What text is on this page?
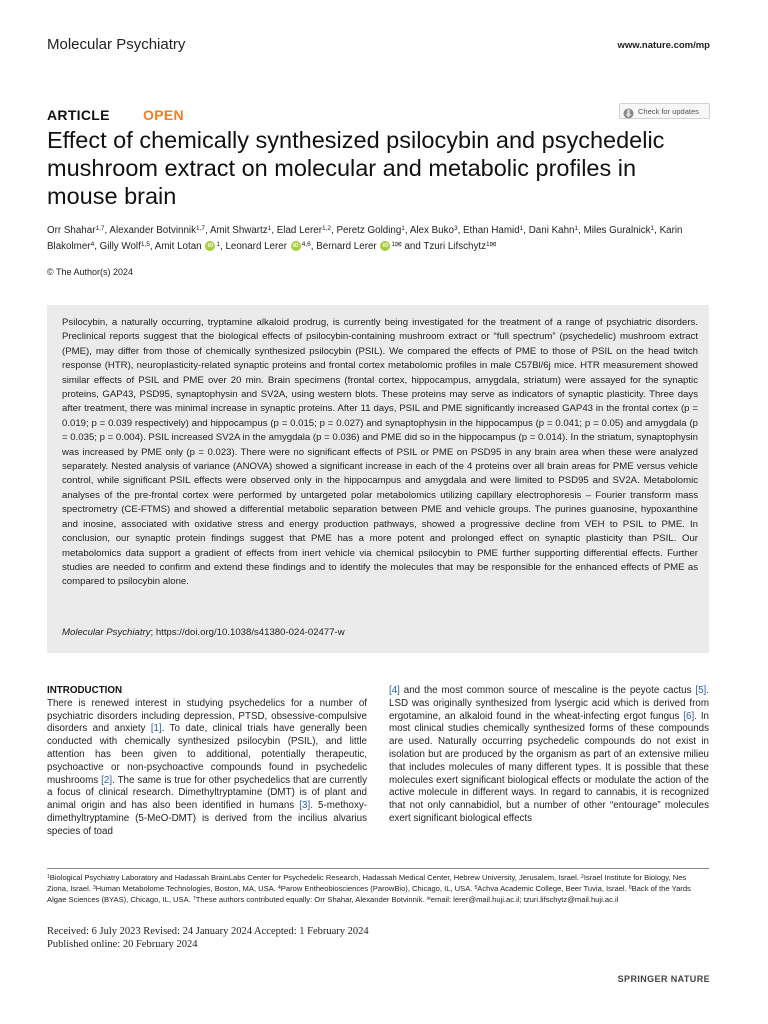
Molecular Psychiatry	www.nature.com/mp
ARTICLE OPEN	Check for updates
Effect of chemically synthesized psilocybin and psychedelic mushroom extract on molecular and metabolic profiles in mouse brain
Orr Shahar$^{1,7}$, Alexander Botvinnik$^{1,7}$, Amit Shwartz$^1$, Elad Lerer$^{1,2}$, Peretz Golding$^1$, Alex Buko$^3$, Ethan Hamid$^1$, Dani Kahn$^1$, Miles Guralnick$^1$, Karin Blakolmer$^4$, Gilly Wolf$^{1,5}$, Amit Lotan iD $^1$, Leonard Lerer iD $^{4,6}$, Bernard Lerer iD $^{1✉}$ and Tzuri Lifschytz$^{1✉}$
© The Author(s) 2024

Psilocybin, a naturally occurring, tryptamine alkaloid prodrug, is currently being investigated for the treatment of a range of psychiatric disorders. Preclinical reports suggest that the biological effects of psilocybin-containing mushroom extract or “full spectrum” (psychedelic) mushroom extract (PME), may differ from those of chemically synthesized psilocybin (PSIL). We compared the effects of PME to those of PSIL on the head twitch response (HTR), neuroplasticity-related synaptic proteins and frontal cortex metabolomic profiles in male C57Bl/6j mice. HTR measurement showed similar effects of PSIL and PME over 20 min. Brain specimens (frontal cortex, hippocampus, amygdala, striatum) were assayed for the synaptic proteins, GAP43, PSD95, synaptophysin and SV2A, using western blots. These proteins may serve as indicators of synaptic plasticity. Three days after treatment, there was minimal increase in synaptic proteins. After 11 days, PSIL and PME significantly increased GAP43 in the frontal cortex (p = 0.019; p = 0.039 respectively) and hippocampus (p = 0.015; p = 0.027) and synaptophysin in the hippocampus (p = 0.041; p = 0.05) and amygdala (p = 0.035; p = 0.004). PSIL increased SV2A in the amygdala (p = 0.036) and PME did so in the hippocampus (p = 0.014). In the striatum, synaptophysin was increased by PME only (p = 0.023). There were no significant effects of PSIL or PME on PSD95 in any brain area when these were analyzed separately. Nested analysis of variance (ANOVA) showed a significant increase in each of the 4 proteins over all brain areas for PME versus vehicle control, while significant PSIL effects were observed only in the hippocampus and amygdala and were limited to PSD95 and SV2A. Metabolomic analyses of the pre-frontal cortex were performed by untargeted polar metabolomics utilizing capillary electrophoresis – Fourier transform mass spectrometry (CE-FTMS) and showed a differential metabolic separation between PME and vehicle groups. The purines guanosine, hypoxanthine and inosine, associated with oxidative stress and energy production pathways, showed a progressive decline from VEH to PSIL to PME. In conclusion, our synaptic protein findings suggest that PME has a more potent and prolonged effect on synaptic plasticity than PSIL. Our metabolomics data support a gradient of effects from inert vehicle via chemical psilocybin to PME further supporting differential effects. Further studies are needed to confirm and extend these findings and to identify the molecules that may be responsible for the enhanced effects of PME as compared to psilocybin alone.

Molecular Psychiatry; https://doi.org/10.1038/s41380-024-02477-w
INTRODUCTION

There is renewed interest in studying psychedelics for a number of psychiatric disorders including depression, PTSD, obsessive-compulsive disorders and anxiety [1]. To date, clinical trials have generally been conducted with chemically synthesized psilocybin (PSIL), and little attention has been given to additional, potentially therapeutic, psychoactive or non-psychoactive compounds found in psychedelic mushrooms [2]. The same is true for other psychedelics that are currently a focus of clinical research. Dimethyltryptamine (DMT) is of plant and animal origin and has also been identified in humans [3]. 5-methoxy-dimethyltryptamine (5-MeO-DMT) is derived from the incilius alvarius species of toad

[4] and the most common source of mescaline is the peyote cactus [5]. LSD was originally synthesized from lysergic acid which is derived from ergotamine, an alkaloid found in the wheat-infecting ergot fungus [6]. In most clinical studies chemically synthesized forms of these compounds are used. Naturally occurring psychedelic compounds do not exist in isolation but are produced by the organism as part of an extensive milieu that includes molecules of many different types. It is possible that these molecules exert significant biological effects or modulate the action of the active molecule in different ways. In regard to cannabis, it is recognized that not only cannabidiol, but a number of other “entourage” molecules exert significant biological effects

$^1$Biological Psychiatry Laboratory and Hadassah BrainLabs Center for Psychedelic Research, Hadassah Medical Center, Hebrew University, Jerusalem, Israel. $^2$Israel Institute for Biology, Nes Ziona, Israel. $^3$Human Metabolome Technologies, Boston, MA, USA. $^4$Parow Entheobiosciences (ParowBio), Chicago, IL, USA. $^5$Achva Academic College, Beer Tuvia, Israel. $^6$Back of the Yards Algae Sciences (BYAS), Chicago, IL, USA. $^7$These authors contributed equally: Orr Shahar, Alexander Botvinnik. ✉email: lerer@mail.huji.ac.il; tzuri.lifschytz@mail.huji.ac.il
Received: 6 July 2023 Revised: 24 January 2024 Accepted: 1 February 2024
Published online: 20 February 2024
SPRINGER NATURE
